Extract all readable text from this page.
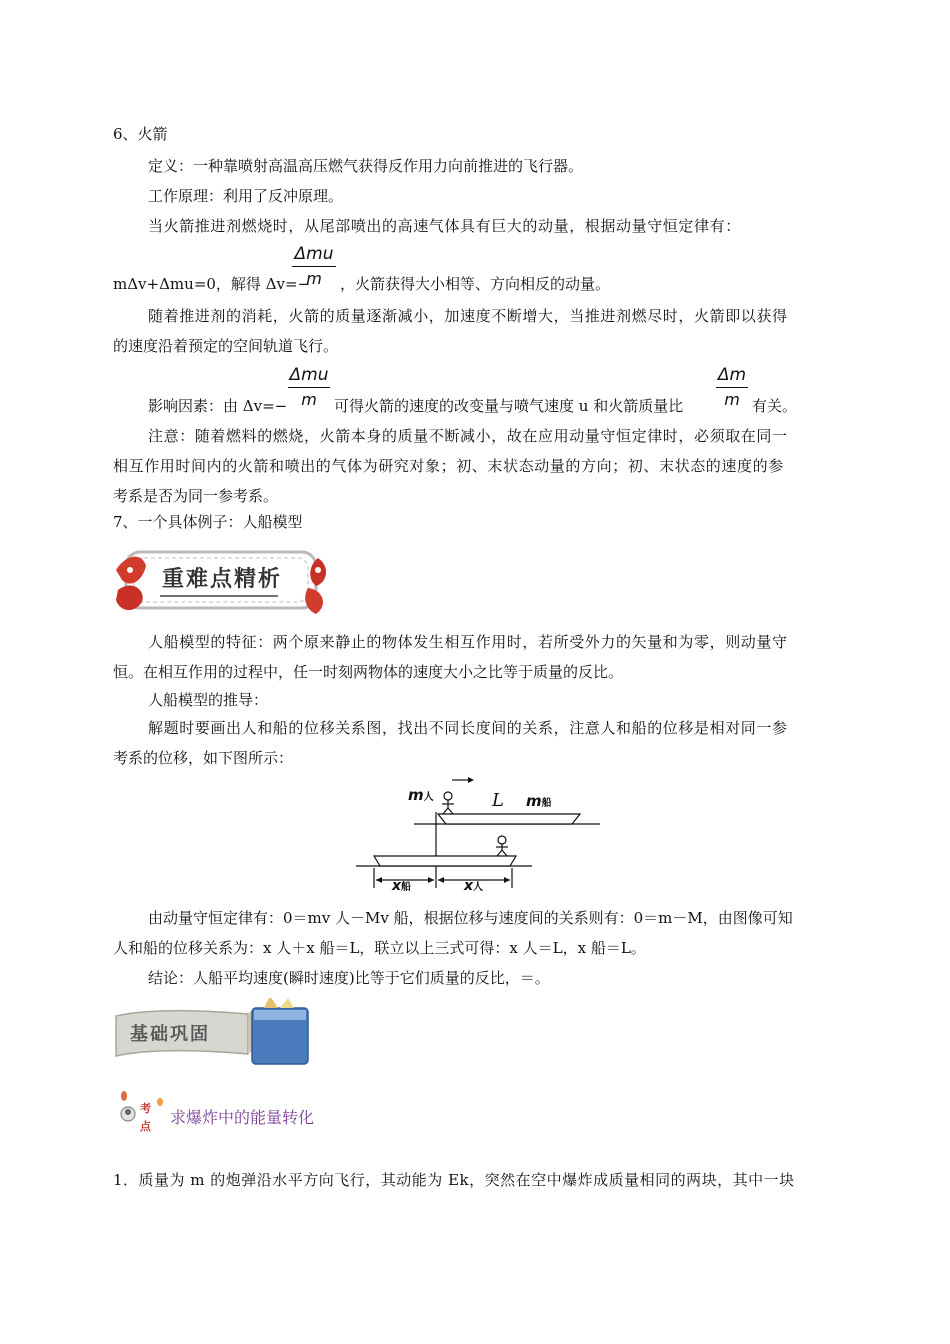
6、火箭
定义：一种靠喷射高温高压燃气获得反作用力向前推进的飞行器。
工作原理：利用了反冲原理。
当火箭推进剂燃烧时，从尾部喷出的高速气体具有巨大的动量，根据动量守恒定律有：
mΔv+Δmu=0，解得 Δv=−
Δmu
m	，火箭获得大小相等、方向相反的动量。
随着推进剂的消耗，火箭的质量逐渐减小，加速度不断增大，当推进剂燃尽时，火箭即以获得
的速度沿着预定的空间轨道飞行。
影响因素：由 Δv=−
Δmu
m	可得火箭的速度的改变量与喷气速度 u 和火箭质量比
Δm
m 有关。
注意：随着燃料的燃烧，火箭本身的质量不断减小，故在应用动量守恒定律时，必须取在同一
相互作用时间内的火箭和喷出的气体为研究对象；初、末状态动量的方向；初、末状态的速度的参
考系是否为同一参考系。
7、一个具体例子：人船模型
重难点精析
人船模型的特征：两个原来静止的物体发生相互作用时，若所受外力的矢量和为零，则动量守
恒。在相互作用的过程中，任一时刻两物体的速度大小之比等于质量的反比。
人船模型的推导：
解题时要画出人和船的位移关系图，找出不同长度间的关系，注意人和船的位移是相对同一参
考系的位移，如下图所示：
m人	L m船
x船	x人
由动量守恒定律有：0＝mv 人－Mv 船，根据位移与速度间的关系则有：0＝m－M，由图像可知
人和船的位移关系为：x 人＋x 船＝L，联立以上三式可得：x 人＝L，x 船＝L。
结论：人船平均速度(瞬时速度)比等于它们质量的反比，＝。
基础巩固
考
点 求爆炸中的能量转化
1．质量为 m 的炮弹沿水平方向飞行，其动能为 Ek，突然在空中爆炸成质量相同的两块，其中一块
